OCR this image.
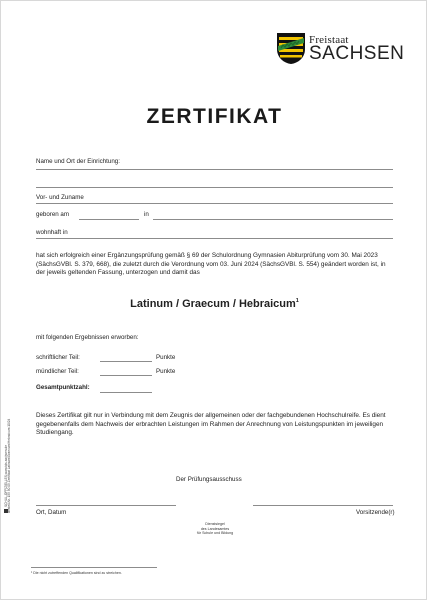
Freistaat
SACHSEN
ZERTIFIKAT
Name und Ort der Einrichtung:
Vor- und Zuname
geboren am	in
wohnhaft in
hat sich erfolgreich einer Ergänzungsprüfung gemäß § 69 der Schulordnung Gymnasien Abiturprüfung vom 30. Mai 2023 (SächsGVBl. S. 379, 668), die zuletzt durch die Verordnung vom 03. Juni 2024 (SächsGVBl. S. 554) geändert worden ist, in der jeweils geltenden Fassung, unterzogen und damit das
Latinum / Graecum / Hebraicum$^1$
mit folgenden Ergebnissen erworben:
schriftlicher Teil:	Punkte
mündlicher Teil:	Punkte
Gesamtpunktzahl:
Dieses Zertifikat gilt nur in Verbindung mit dem Zeugnis der allgemeinen oder der fachgebundenen Hochschulreife. Es dient gegebenenfalls dem Nachweis der erbrachten Leistungen im Rahmen der Anrechnung von Leistungspunkten im jeweiligen Studiengang.
Der Prüfungsausschuss
Ort, Datum	Vorsitzende(r)
Dienstsiegel
des Landesamtes
für Schule und Bildung
SCHUL-OFFIZIELLES.www.tds-sachsen.de Bestell-Nr. 155 50 05 Zertifikat Latinum/Graecum/Hebraicum 10/24
¹ Die nicht zutreffenden Qualifikationen sind zu streichen.
